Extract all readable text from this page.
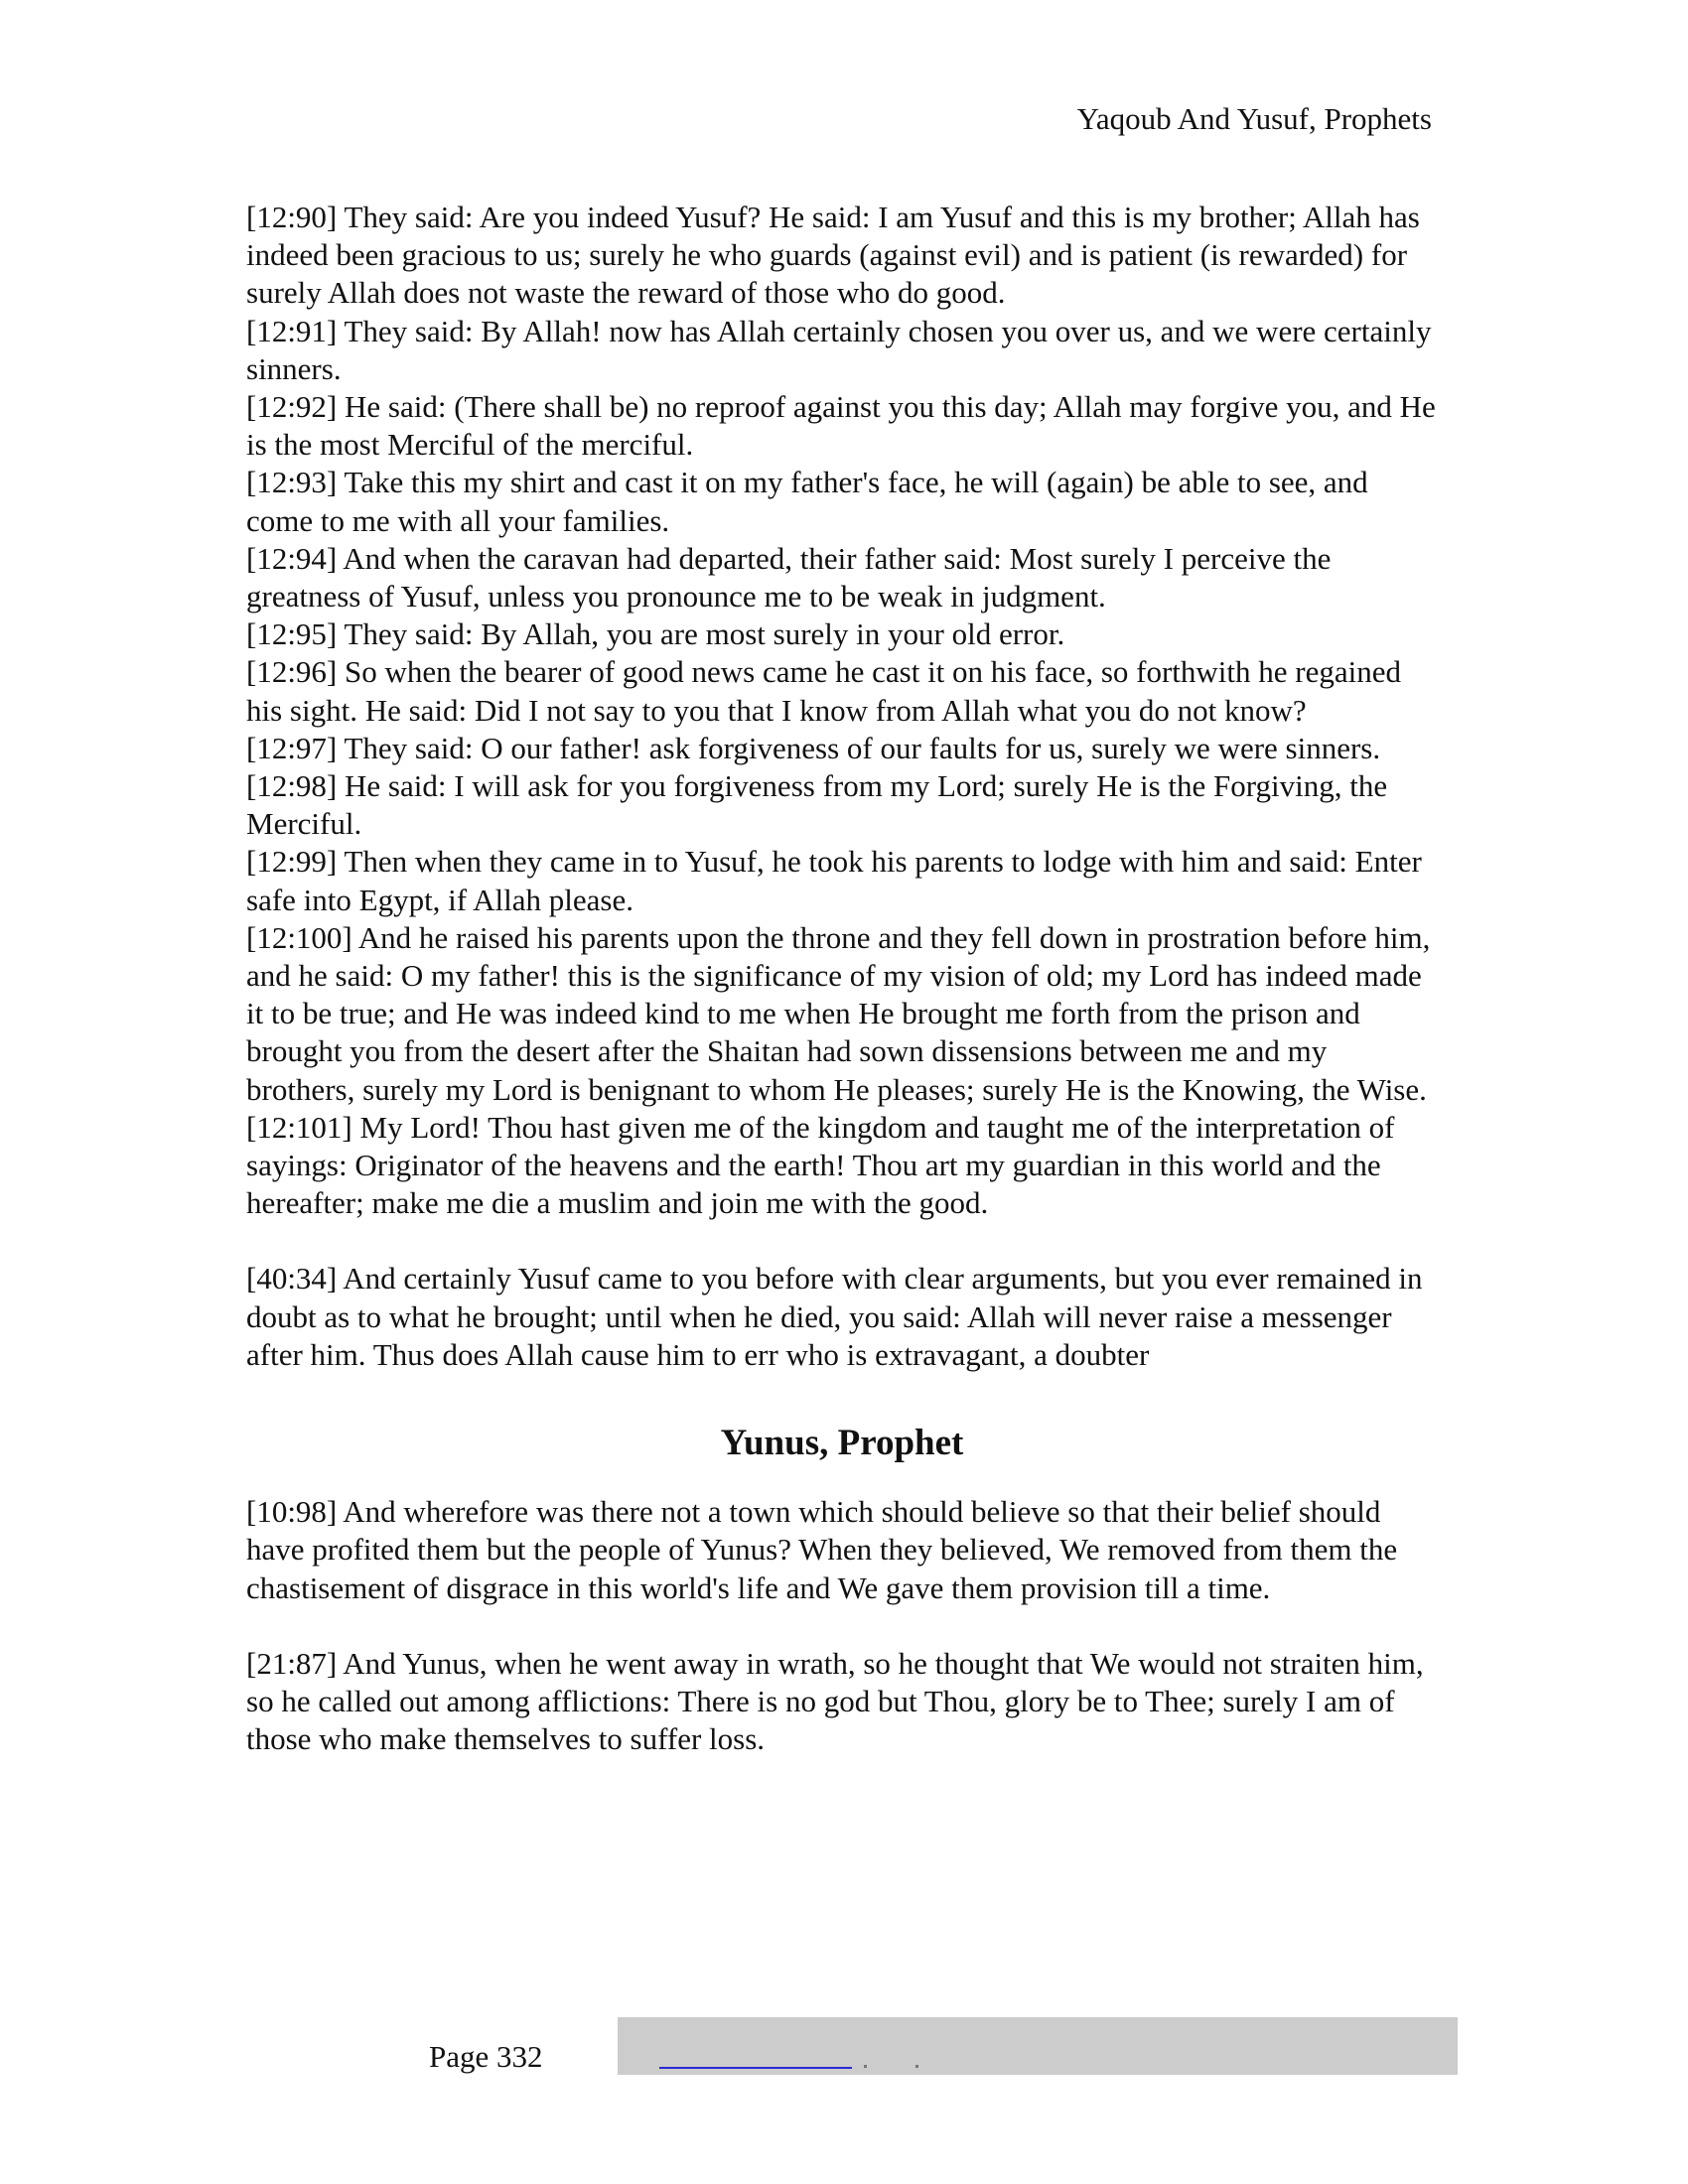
Yaqoub And Yusuf, Prophets

[12:90] They said: Are you indeed Yusuf? He said: I am Yusuf and this is my brother; Allah has indeed been gracious to us; surely he who guards (against evil) and is patient (is rewarded) for surely Allah does not waste the reward of those who do good.

[12:91] They said: By Allah! now has Allah certainly chosen you over us, and we were certainly sinners.

[12:92] He said: (There shall be) no reproof against you this day; Allah may forgive you, and He is the most Merciful of the merciful.

[12:93] Take this my shirt and cast it on my father's face, he will (again) be able to see, and come to me with all your families.

[12:94] And when the caravan had departed, their father said: Most surely I perceive the greatness of Yusuf, unless you pronounce me to be weak in judgment.

[12:95] They said: By Allah, you are most surely in your old error.

[12:96] So when the bearer of good news came he cast it on his face, so forthwith he regained his sight. He said: Did I not say to you that I know from Allah what you do not know?

[12:97] They said: O our father! ask forgiveness of our faults for us, surely we were sinners.

[12:98] He said: I will ask for you forgiveness from my Lord; surely He is the Forgiving, the Merciful.

[12:99] Then when they came in to Yusuf, he took his parents to lodge with him and said: Enter safe into Egypt, if Allah please.

[12:100] And he raised his parents upon the throne and they fell down in prostration before him, and he said: O my father! this is the significance of my vision of old; my Lord has indeed made it to be true; and He was indeed kind to me when He brought me forth from the prison and brought you from the desert after the Shaitan had sown dissensions between me and my brothers, surely my Lord is benignant to whom He pleases; surely He is the Knowing, the Wise.

[12:101] My Lord! Thou hast given me of the kingdom and taught me of the interpretation of sayings: Originator of the heavens and the earth! Thou art my guardian in this world and the hereafter; make me die a muslim and join me with the good.

[40:34] And certainly Yusuf came to you before with clear arguments, but you ever remained in doubt as to what he brought; until when he died, you said: Allah will never raise a messenger after him. Thus does Allah cause him to err who is extravagant, a doubter

Yunus, Prophet

[10:98] And wherefore was there not a town which should believe so that their belief should have profited them but the people of Yunus? When they believed, We removed from them the chastisement of disgrace in this world's life and We gave them provision till a time.

[21:87] And Yunus, when he went away in wrath, so he thought that We would not straiten him, so he called out among afflictions: There is no god but Thou, glory be to Thee; surely I am of those who make themselves to suffer loss.

Page 332
